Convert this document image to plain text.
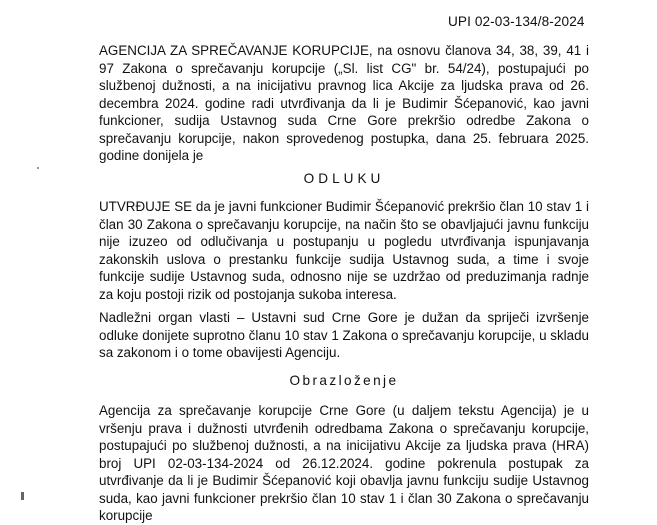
UPI 02-03-134/8-2024

AGENCIJA ZA SPREČAVANJE KORUPCIJE, na osnovu članova 34, 38, 39, 41 i 97 Zakona o sprečavanju korupcije („Sl. list CG" br. 54/24), postupajući po službenoj dužnosti, a na inicijativu pravnog lica Akcije za ljudska prava od 26. decembra 2024. godine radi utvrđivanja da li je Budimir Šćepanović, kao javni funkcioner, sudija Ustavnog suda Crne Gore prekršio odredbe Zakona o sprečavanju korupcije, nakon sprovedenog postupka, dana 25. februara 2025. godine donijela je

ODLUKU

UTVRĐUJE SE da je javni funkcioner Budimir Šćepanović prekršio član 10 stav 1 i član 30 Zakona o sprečavanju korupcije, na način što se obavljajući javnu funkciju nije izuzeo od odlučivanja u postupanju u pogledu utvrđivanja ispunjavanja zakonskih uslova o prestanku funkcije sudija Ustavnog suda, a time i svoje funkcije sudije Ustavnog suda, odnosno nije se uzdržao od preduzimanja radnje za koju postoji rizik od postojanja sukoba interesa.

Nadležni organ vlasti – Ustavni sud Crne Gore je dužan da spriječi izvršenje odluke donijete suprotno članu 10 stav 1 Zakona o sprečavanju korupcije, u skladu sa zakonom i o tome obavijesti Agenciju.

Obrazloženje

Agencija za sprečavanje korupcije Crne Gore (u daljem tekstu Agencija) je u vršenju prava i dužnosti utvrđenih odredbama Zakona o sprečavanju korupcije, postupajući po službenoj dužnosti, a na inicijativu Akcije za ljudska prava (HRA) broj UPI 02-03-134-2024 od 26.12.2024. godine pokrenula postupak za utvrđivanje da li je Budimir Šćepanović koji obavlja javnu funkciju sudije Ustavnog suda, kao javni funkcioner prekršio član 10 stav 1 i član 30 Zakona o sprečavanju korupcije
